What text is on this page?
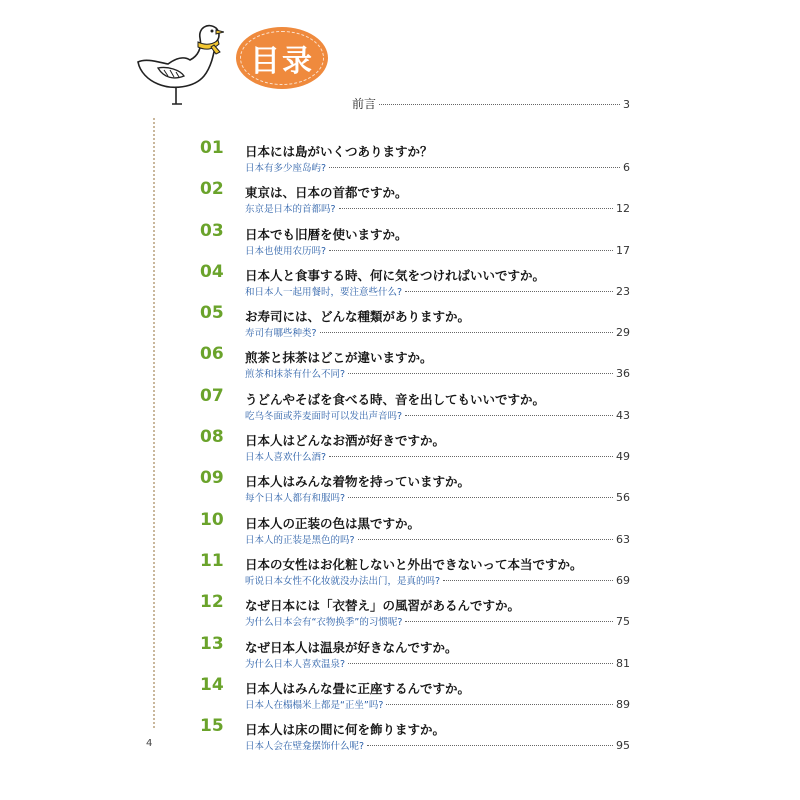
目录
前言	3
01 日本には島がいくつありますか？
日本有多少座岛屿?	6
02 東京は、日本の首都ですか。
东京是日本的首都吗?	12
03 日本でも旧暦を使いますか。
日本也使用农历吗?	17
04 日本人と食事する時、何に気をつければいいですか。
和日本人一起用餐时，要注意些什么?	23
05 お寿司には、どんな種類がありますか。
寿司有哪些种类?	29
06 煎茶と抹茶はどこが違いますか。
煎茶和抹茶有什么不同?	36
07 うどんやそばを食べる時、音を出してもいいですか。
吃乌冬面或荞麦面时可以发出声音吗?	43
08 日本人はどんなお酒が好きですか。
日本人喜欢什么酒?	49
09 日本人はみんな着物を持っていますか。
每个日本人都有和服吗?	56
10 日本人の正装の色は黒ですか。
日本人的正装是黑色的吗?	63
11 日本の女性はお化粧しないと外出できないって本当ですか。
听说日本女性不化妆就没办法出门，是真的吗?	69
12 なぜ日本には「衣替え」の風習があるんですか。
为什么日本会有“衣物换季”的习惯呢?	75
13 なぜ日本人は温泉が好きなんですか。
为什么日本人喜欢温泉?	81
14 日本人はみんな畳に正座するんですか。
日本人在榻榻米上都是“正坐”吗?	89
15 日本人は床の間に何を飾りますか。
日本人会在壁龛摆饰什么呢?	95
4
